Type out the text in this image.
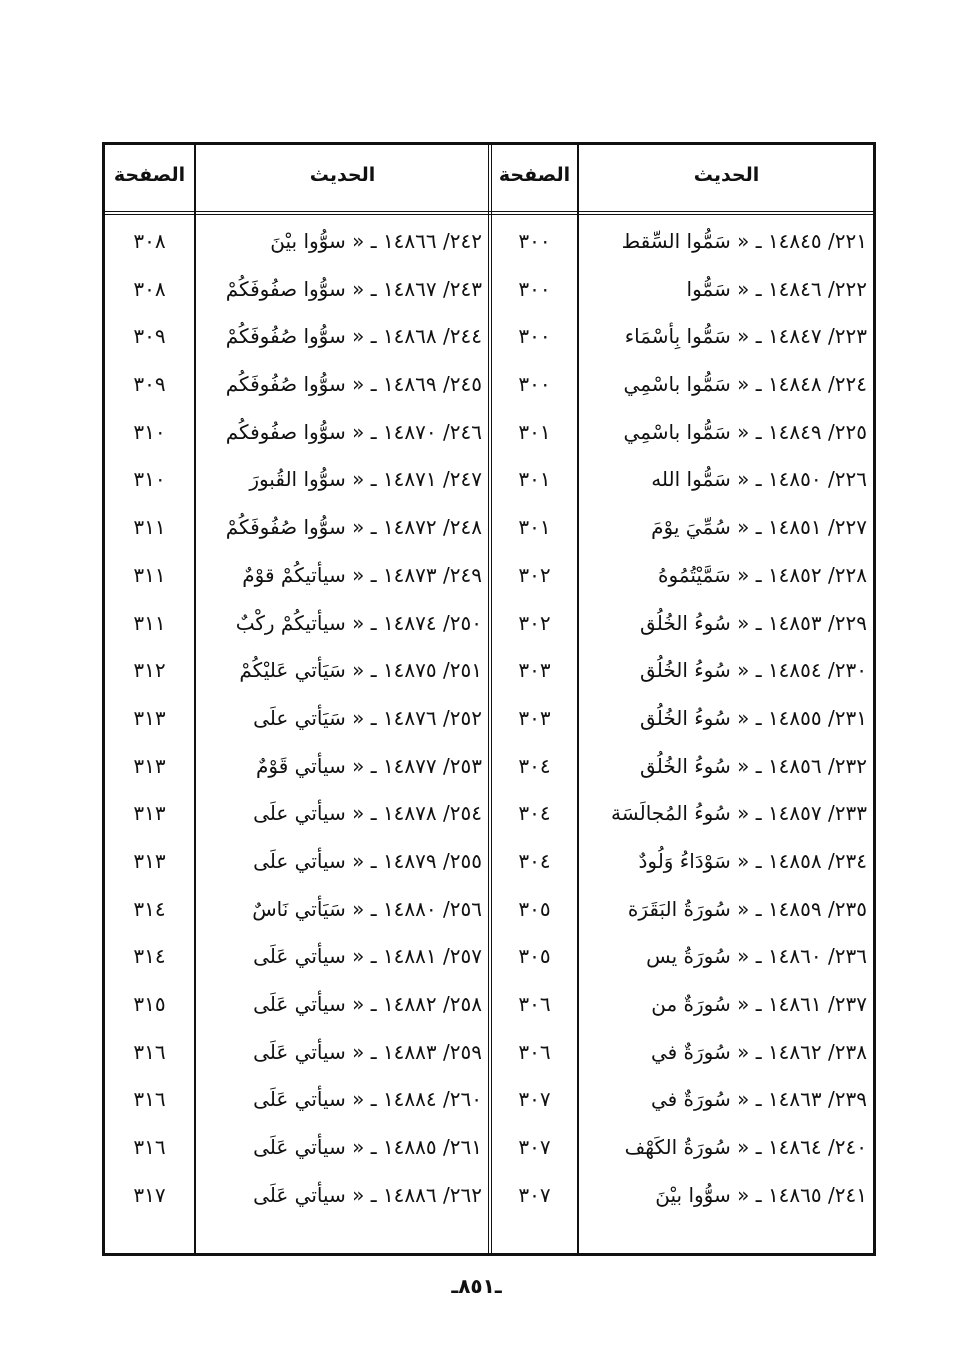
الحديث
الصفحة
الحديث
الصفحة
٢٢١/ ١٤٨٤٥ ـ « سَمُّوا السِّقط
٣٠٠
٢٤٢/ ١٤٨٦٦ ـ « سوُّوا بيْنَ
٣٠٨
٢٢٢/ ١٤٨٤٦ ـ « سَمُّوا
٣٠٠
٢٤٣/ ١٤٨٦٧ ـ « سوُّوا صفُوفَكُمْ
٣٠٨
٢٢٣/ ١٤٨٤٧ ـ « سَمُّوا بِأسْمَاء
٣٠٠
٢٤٤/ ١٤٨٦٨ ـ « سوُّوا صُفُوفَكُمْ
٣٠٩
٢٢٤/ ١٤٨٤٨ ـ « سَمُّوا باسْمِي
٣٠٠
٢٤٥/ ١٤٨٦٩ ـ « سوُّوا صُفُوفَكُم
٣٠٩
٢٢٥/ ١٤٨٤٩ ـ « سَمُّوا باسْمِي
٣٠١
٢٤٦/ ١٤٨٧٠ ـ « سوُّوا صفُوفكُم
٣١٠
٢٢٦/ ١٤٨٥٠ ـ « سَمُّوا الله
٣٠١
٢٤٧/ ١٤٨٧١ ـ « سوُّوا القُبورَ
٣١٠
٢٢٧/ ١٤٨٥١ ـ « سُمِّيَ يوْمَ
٣٠١
٢٤٨/ ١٤٨٧٢ ـ « سوُّوا صُفُوفَكُمْ
٣١١
٢٢٨/ ١٤٨٥٢ ـ « سَمَّيْتُمُوهُ
٣٠٢
٢٤٩/ ١٤٨٧٣ ـ « سيأتيكُمْ قوْمٌ
٣١١
٢٢٩/ ١٤٨٥٣ ـ « سُوءُ الخُلُق
٣٠٢
٢٥٠/ ١٤٨٧٤ ـ « سيأتيكُمْ ركْبٌ
٣١١
٢٣٠/ ١٤٨٥٤ ـ « سُوءُ الخُلُق
٣٠٣
٢٥١/ ١٤٨٧٥ ـ « سَيَأتي عَليْكُمْ
٣١٢
٢٣١/ ١٤٨٥٥ ـ « سُوءُ الخُلُق
٣٠٣
٢٥٢/ ١٤٨٧٦ ـ « سَيَأتي علَى
٣١٣
٢٣٢/ ١٤٨٥٦ ـ « سُوءُ الخُلُق
٣٠٤
٢٥٣/ ١٤٨٧٧ ـ « سيأتي قَوْمٌ
٣١٣
٢٣٣/ ١٤٨٥٧ ـ « سُوءُ المُجالَسَة
٣٠٤
٢٥٤/ ١٤٨٧٨ ـ « سيأتي علَى
٣١٣
٢٣٤/ ١٤٨٥٨ ـ « سَوْدَاءُ وَلُودٌ
٣٠٤
٢٥٥/ ١٤٨٧٩ ـ « سيأتي علَى
٣١٣
٢٣٥/ ١٤٨٥٩ ـ « سُورَةُ البَقَرَة
٣٠٥
٢٥٦/ ١٤٨٨٠ ـ « سَيَأتي نَاسٌ
٣١٤
٢٣٦/ ١٤٨٦٠ ـ « سُورَةُ يس
٣٠٥
٢٥٧/ ١٤٨٨١ ـ « سيأتي عَلَى
٣١٤
٢٣٧/ ١٤٨٦١ ـ « سُورَةٌ من
٣٠٦
٢٥٨/ ١٤٨٨٢ ـ « سيأتي عَلَى
٣١٥
٢٣٨/ ١٤٨٦٢ ـ « سُورَةٌ في
٣٠٦
٢٥٩/ ١٤٨٨٣ ـ « سيأتي عَلَى
٣١٦
٢٣٩/ ١٤٨٦٣ ـ « سُورَةٌ في
٣٠٧
٢٦٠/ ١٤٨٨٤ ـ « سيأتي عَلَى
٣١٦
٢٤٠/ ١٤٨٦٤ ـ « سُورَةُ الكَهْف
٣٠٧
٢٦١/ ١٤٨٨٥ ـ « سيأتي عَلَى
٣١٦
٢٤١/ ١٤٨٦٥ ـ « سوُّوا بيْنَ
٣٠٧
٢٦٢/ ١٤٨٨٦ ـ « سيأتي عَلَى
٣١٧
ـ٨٥١ـ
